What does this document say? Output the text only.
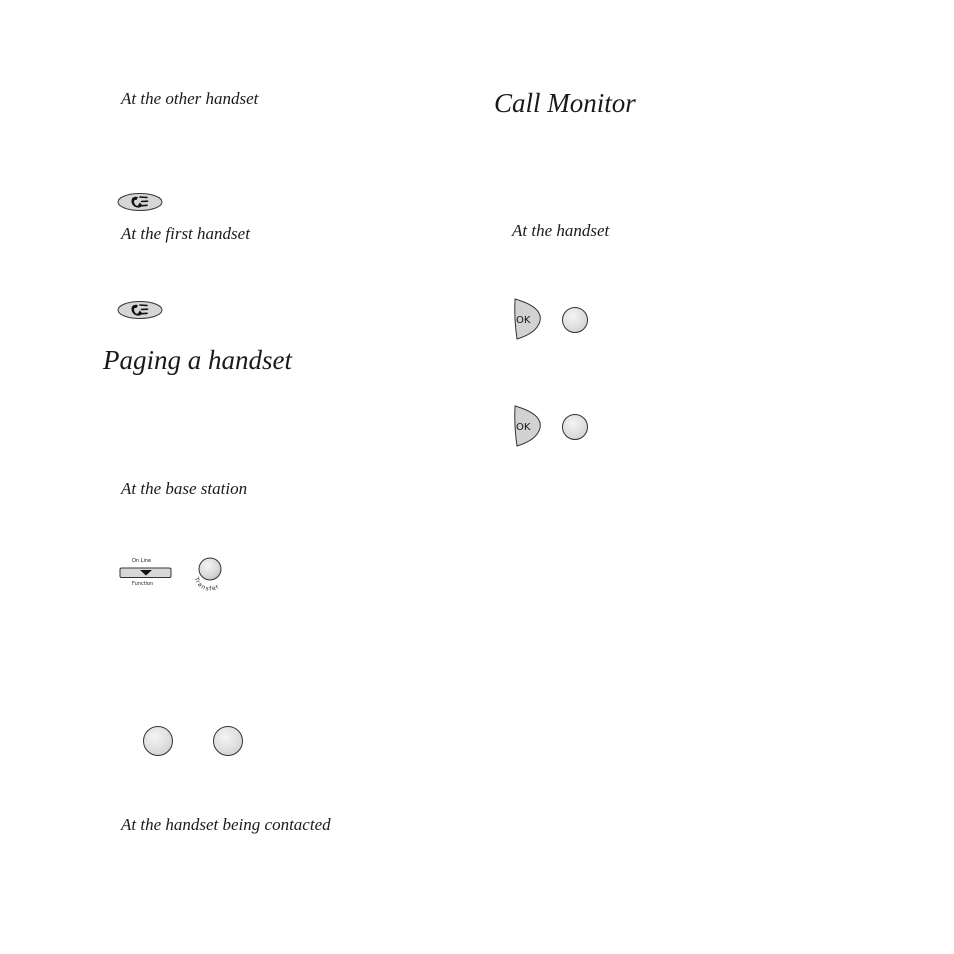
At the other handset
At the first handset
Paging a handset
At the base station
On Line
Function
Transfer
At the handset being contacted
Call Monitor
At the handset
OK
OK
